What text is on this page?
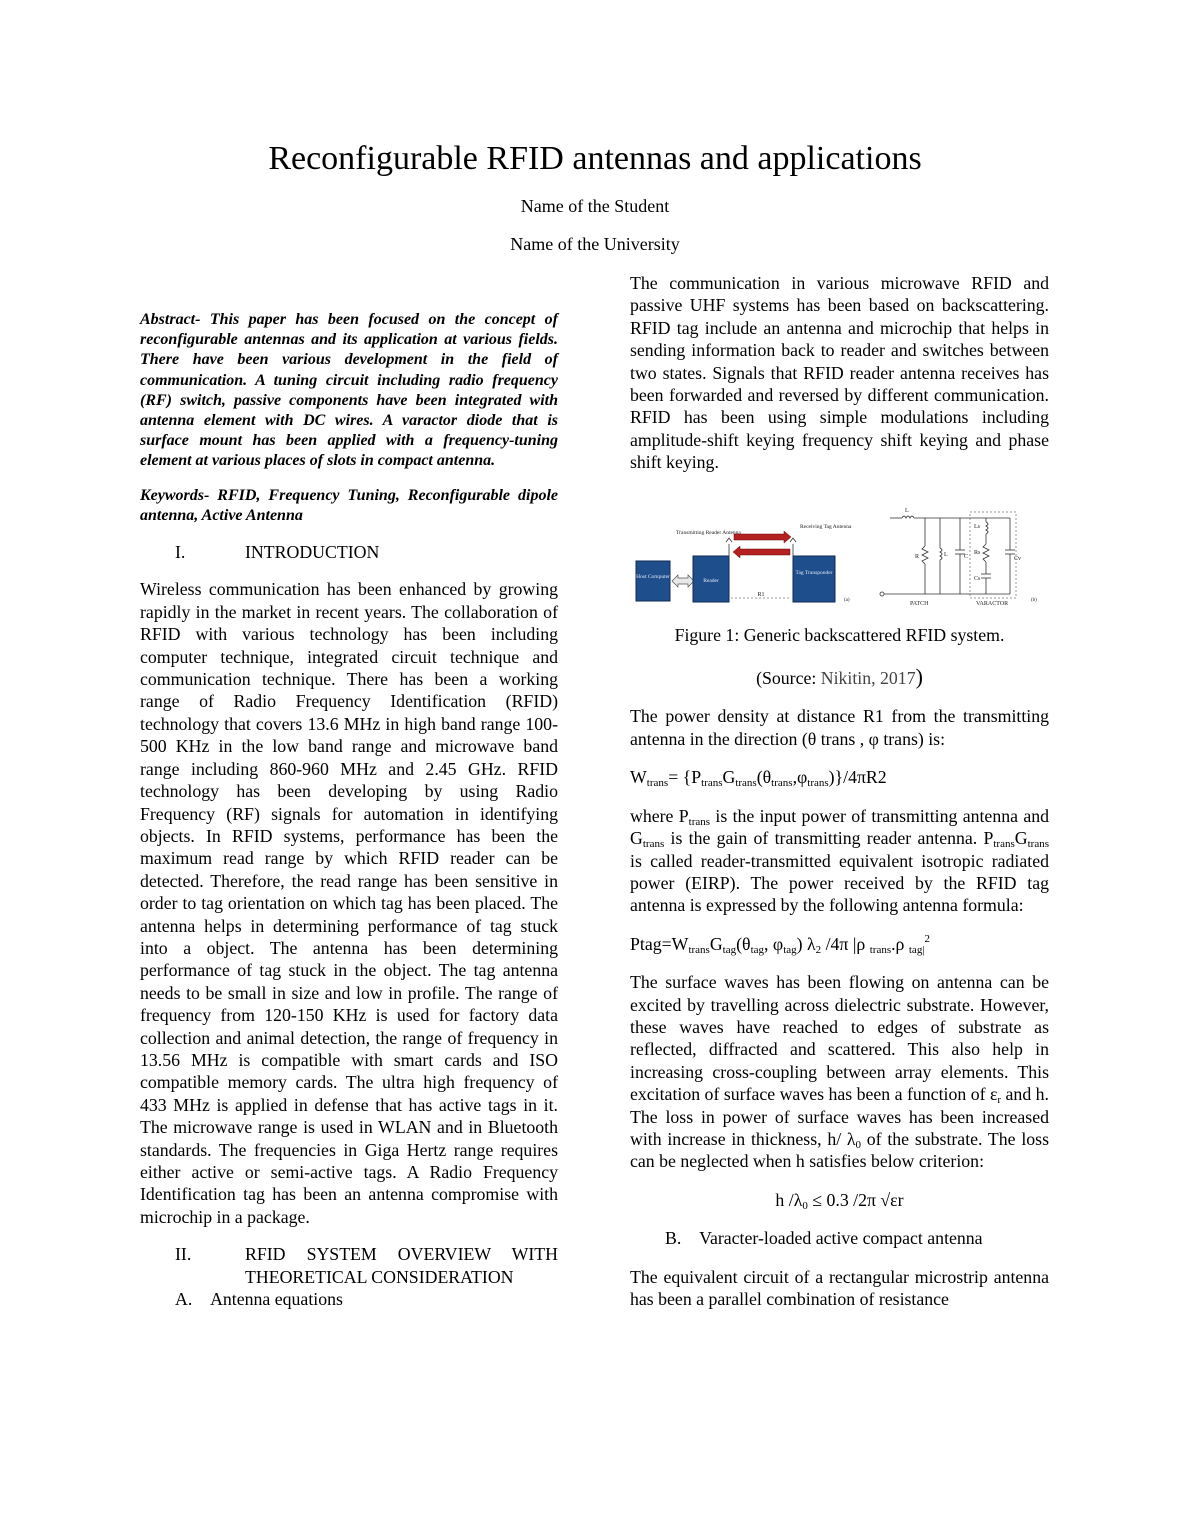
Reconfigurable RFID antennas and applications
Name of the Student
Name of the University

Abstract- This paper has been focused on the concept of reconfigurable antennas and its application at various fields. There have been various development in the field of communication. A tuning circuit including radio frequency (RF) switch, passive components have been integrated with antenna element with DC wires. A varactor diode that is surface mount has been applied with a frequency-tuning element at various places of slots in compact antenna.

Keywords- RFID, Frequency Tuning, Reconfigurable dipole antenna, Active Antenna

I.	INTRODUCTION

Wireless communication has been enhanced by growing rapidly in the market in recent years. The collaboration of RFID with various technology has been including computer technique, integrated circuit technique and communication technique. There has been a working range of Radio Frequency Identification (RFID) technology that covers 13.6 MHz in high band range 100-500 KHz in the low band range and microwave band range including 860-960 MHz and 2.45 GHz. RFID technology has been developing by using Radio Frequency (RF) signals for automation in identifying objects. In RFID systems, performance has been the maximum read range by which RFID reader can be detected. Therefore, the read range has been sensitive in order to tag orientation on which tag has been placed. The antenna helps in determining performance of tag stuck into a object. The antenna has been determining performance of tag stuck in the object. The tag antenna needs to be small in size and low in profile. The range of frequency from 120-150 KHz is used for factory data collection and animal detection, the range of frequency in 13.56 MHz is compatible with smart cards and ISO compatible memory cards. The ultra high frequency of 433 MHz is applied in defense that has active tags in it. The microwave range is used in WLAN and in Bluetooth standards. The frequencies in Giga Hertz range requires either active or semi-active tags. A Radio Frequency Identification tag has been an antenna compromise with microchip in a package.

II.	RFID SYSTEM OVERVIEW WITH THEORETICAL CONSIDERATION

A. Antenna equations

The communication in various microwave RFID and passive UHF systems has been based on backscattering. RFID tag include an antenna and microchip that helps in sending information back to reader and switches between two states. Signals that RFID reader antenna receives has been forwarded and reversed by different communication. RFID has been using simple modulations including amplitude-shift keying frequency shift keying and phase shift keying.

Host Computer
Reader
Tag Transponder
Transmitting Reader Antenna
Receiving Tag Antenna
R1
(a)
L
R	L	C
Ls
Rs
Cs
Cv
PATCH	VARACTOR
(b)

Figure 1: Generic backscattered RFID system.

(Source: Nikitin, 2017)

The power density at distance R1 from the transmitting antenna in the direction (θ trans , φ trans) is:

$W_{trans}= \{P_{trans}G_{trans}(\theta_{trans},\varphi_{trans})\}/4\pi R2$

where $P_{trans}$ is the input power of transmitting antenna and $G_{trans}$ is the gain of transmitting reader antenna. $P_{trans}G_{trans}$ is called reader-transmitted equivalent isotropic radiated power (EIRP). The power received by the RFID tag antenna is expressed by the following antenna formula:

$Ptag=W_{trans}G_{tag}(\theta_{tag}$, $\varphi_{tag}$) $\lambda_2$ /4π |ρ $_{trans}$.ρ $_{tag|}^2$

The surface waves has been flowing on antenna can be excited by travelling across dielectric substrate. However, these waves have reached to edges of substrate as reflected, diffracted and scattered. This also help in increasing cross-coupling between array elements. This excitation of surface waves has been a function of $\varepsilon_r$ and h. The loss in power of surface waves has been increased with increase in thickness, h/ $\lambda_0$ of the substrate. The loss can be neglected when h satisfies below criterion:

h $/\lambda_0 \le 0.3$ /2π √εr

B. Varacter-loaded active compact antenna

The equivalent circuit of a rectangular microstrip antenna has been a parallel combination of resistance
